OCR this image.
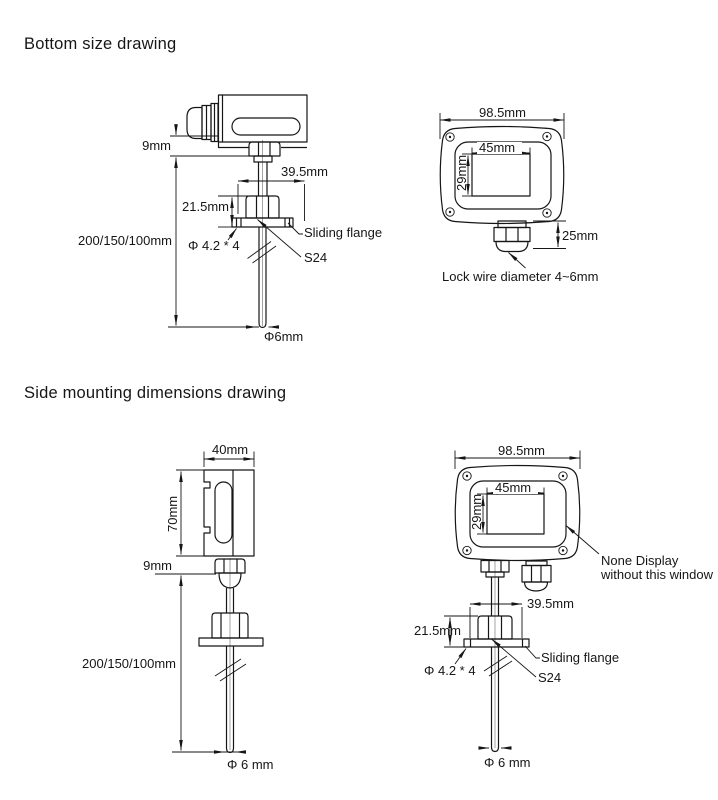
Bottom size drawing
Side mounting dimensions drawing
9mm
200/150/100mm
39.5mm
21.5mm
Φ 4.2 * 4
Sliding flange
S24
Φ6mm
98.5mm
45mm
29mm
25mm
Lock wire diameter 4~6mm
40mm
70mm
9mm
200/150/100mm
Φ 6 mm
98.5mm
45mm
29mm
None Display
without this window
39.5mm
21.5mm
Φ 4.2 * 4
Sliding flange
S24
Φ 6 mm
